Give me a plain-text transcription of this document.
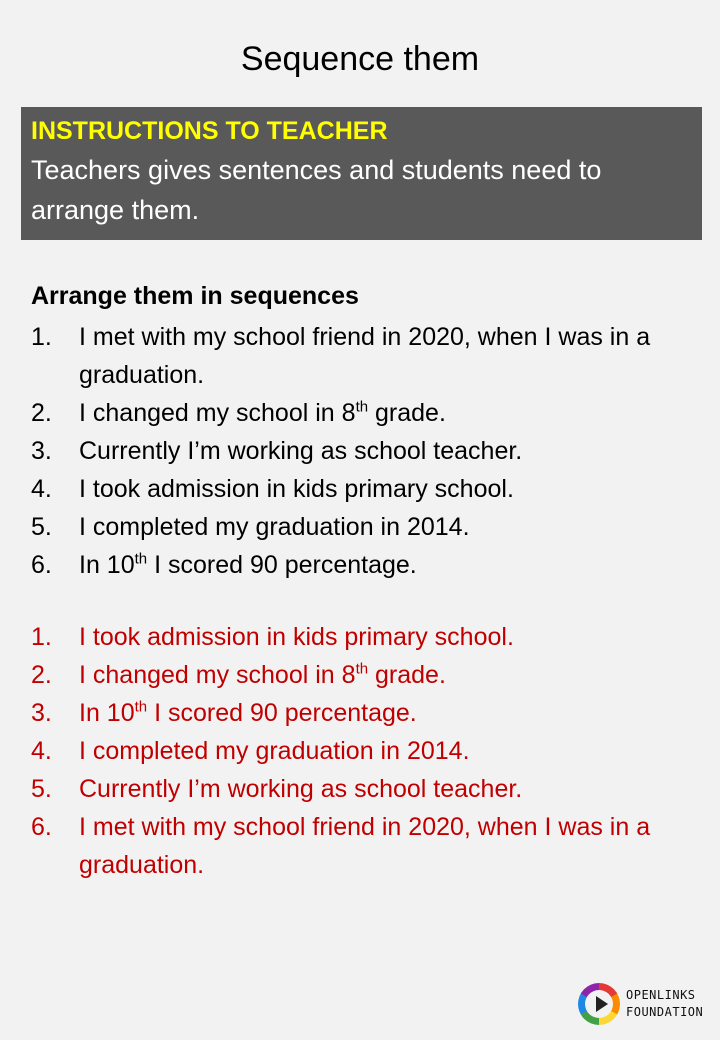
Sequence them
INSTRUCTIONS TO TEACHER
Teachers gives sentences and students need to arrange them.
Arrange them in sequences
1. I met with my school friend in 2020, when I was in a graduation.
2. I changed my school in 8th grade.
3. Currently I’m working as school teacher.
4. I took admission in kids primary school.
5. I completed my graduation in 2014.
6. In 10th I scored 90 percentage.
1. I took admission in kids primary school.
2. I changed my school in 8th grade.
3. In 10th I scored 90 percentage.
4. I completed my graduation in 2014.
5. Currently I’m working as school teacher.
6. I met with my school friend in 2020, when I was in a graduation.
OPENLINKS
FOUNDATION
